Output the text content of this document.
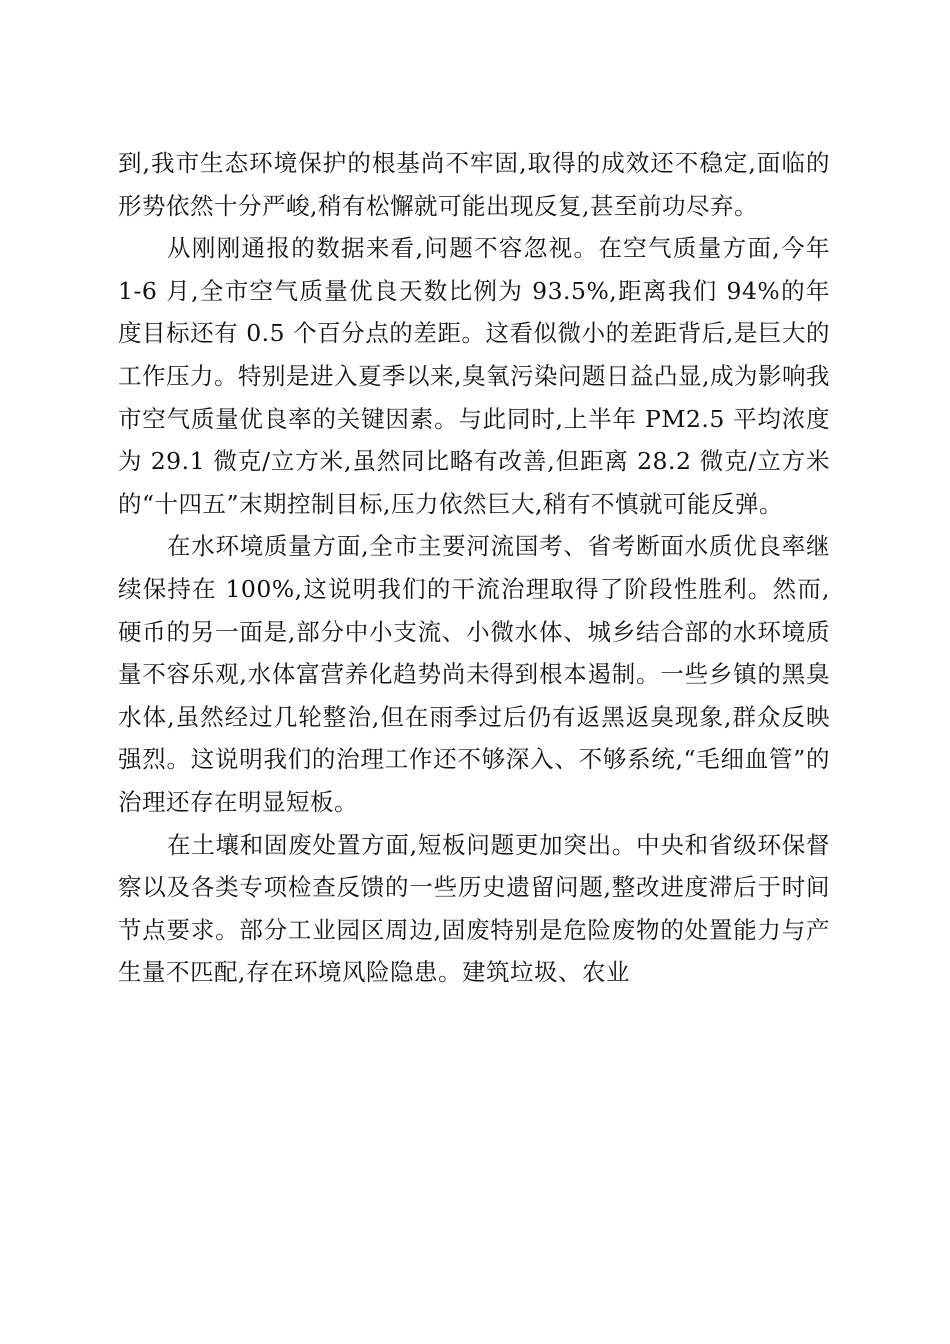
到,我市生态环境保护的根基尚不牢固,取得的成效还不稳定,面临的形势依然十分严峻,稍有松懈就可能出现反复,甚至前功尽弃。

从刚刚通报的数据来看,问题不容忽视。在空气质量方面,今年 1-6 月,全市空气质量优良天数比例为 93.5%,距离我们 94%的年度目标还有 0.5 个百分点的差距。这看似微小的差距背后,是巨大的工作压力。特别是进入夏季以来,臭氧污染问题日益凸显,成为影响我市空气质量优良率的关键因素。与此同时,上半年 PM2.5 平均浓度为 29.1 微克/立方米,虽然同比略有改善,但距离 28.2 微克/立方米的“十四五”末期控制目标,压力依然巨大,稍有不慎就可能反弹。

在水环境质量方面,全市主要河流国考、省考断面水质优良率继续保持在 100%,这说明我们的干流治理取得了阶段性胜利。然而,硬币的另一面是,部分中小支流、小微水体、城乡结合部的水环境质量不容乐观,水体富营养化趋势尚未得到根本遏制。一些乡镇的黑臭水体,虽然经过几轮整治,但在雨季过后仍有返黑返臭现象,群众反映强烈。这说明我们的治理工作还不够深入、不够系统,“毛细血管”的治理还存在明显短板。

在土壤和固废处置方面,短板问题更加突出。中央和省级环保督察以及各类专项检查反馈的一些历史遗留问题,整改进度滞后于时间节点要求。部分工业园区周边,固废特别是危险废物的处置能力与产生量不匹配,存在环境风险隐患。建筑垃圾、农业
